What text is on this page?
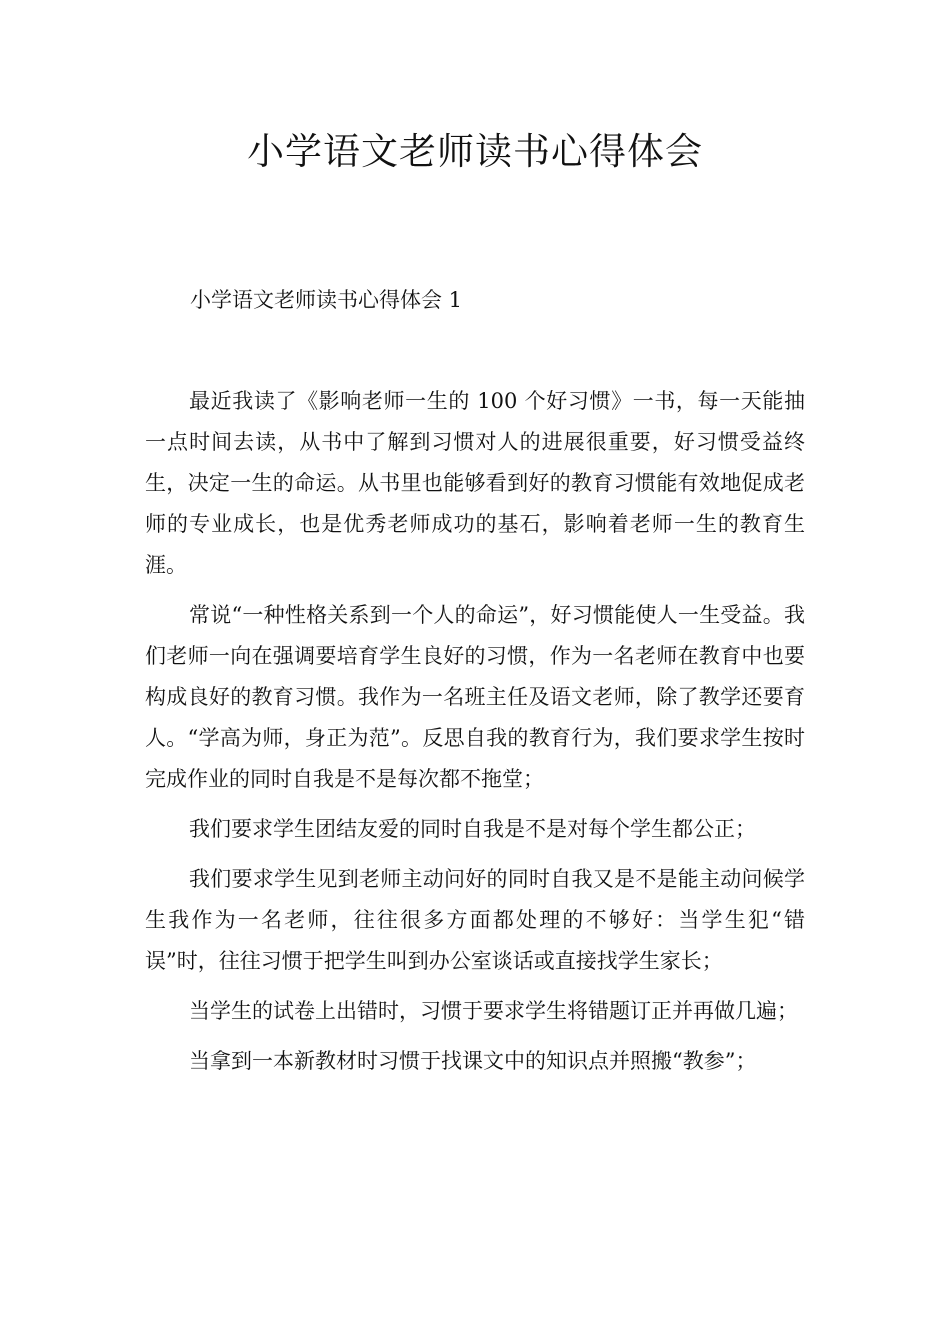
小学语文老师读书心得体会
小学语文老师读书心得体会 1

最近我读了《影响老师一生的 100 个好习惯》一书，每一天能抽一点时间去读，从书中了解到习惯对人的进展很重要，好习惯受益终生，决定一生的命运。从书里也能够看到好的教育习惯能有效地促成老师的专业成长，也是优秀老师成功的基石，影响着老师一生的教育生涯。

常说“一种性格关系到一个人的命运”，好习惯能使人一生受益。我们老师一向在强调要培育学生良好的习惯，作为一名老师在教育中也要构成良好的教育习惯。我作为一名班主任及语文老师，除了教学还要育人。“学高为师，身正为范”。反思自我的教育行为，我们要求学生按时完成作业的同时自我是不是每次都不拖堂；

我们要求学生团结友爱的同时自我是不是对每个学生都公正；

我们要求学生见到老师主动问好的同时自我又是不是能主动问候学生我作为一名老师，往往很多方面都处理的不够好：当学生犯“错误”时，往往习惯于把学生叫到办公室谈话或直接找学生家长；

当学生的试卷上出错时，习惯于要求学生将错题订正并再做几遍；

当拿到一本新教材时习惯于找课文中的知识点并照搬“教参”；
